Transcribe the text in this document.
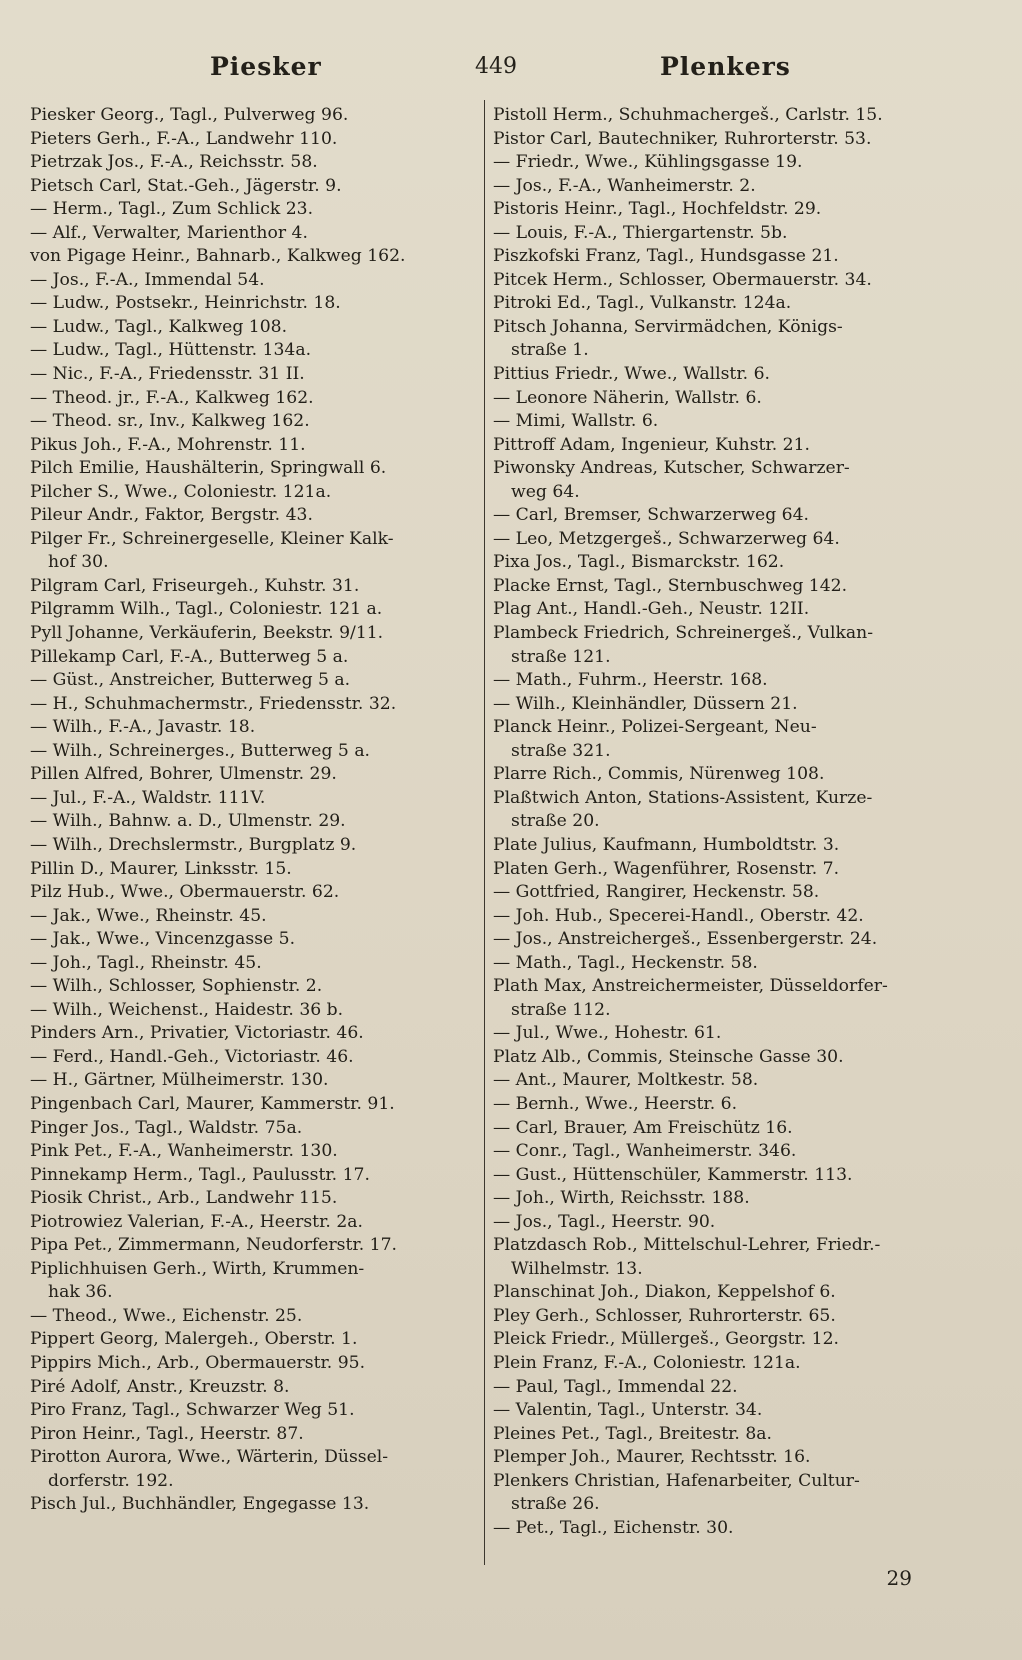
Piesker	449	Plenkers
Piesker Georg., Tagl., Pulverweg 96.
Pieters Gerh., F.-A., Landwehr 110.
Pietrzak Jos., F.-A., Reichsstr. 58.
Pietsch Carl, Stat.-Geh., Jägerstr. 9.
— Herm., Tagl., Zum Schlick 23.
— Alf., Verwalter, Marienthor 4.
von Pigage Heinr., Bahnarb., Kalkweg 162.
— Jos., F.-A., Immendal 54.
— Ludw., Postsekr., Heinrichstr. 18.
— Ludw., Tagl., Kalkweg 108.
— Ludw., Tagl., Hüttenstr. 134a.
— Nic., F.-A., Friedensstr. 31 II.
— Theod. jr., F.-A., Kalkweg 162.
— Theod. sr., Inv., Kalkweg 162.
Pikus Joh., F.-A., Mohrenstr. 11.
Pilch Emilie, Haushälterin, Springwall 6.
Pilcher S., Wwe., Coloniestr. 121a.
Pileur Andr., Faktor, Bergstr. 43.
Pilger Fr., Schreinergeselle, Kleiner Kalk-
hof 30.
Pilgram Carl, Friseurgeh., Kuhstr. 31.
Pilgramm Wilh., Tagl., Coloniestr. 121 a.
Pyll Johanne, Verkäuferin, Beekstr. 9/11.
Pillekamp Carl, F.-A., Butterweg 5 a.
— Güst., Anstreicher, Butterweg 5 a.
— H., Schuhmachermstr., Friedensstr. 32.
— Wilh., F.-A., Javastr. 18.
— Wilh., Schreinerges., Butterweg 5 a.
Pillen Alfred, Bohrer, Ulmenstr. 29.
— Jul., F.-A., Waldstr. 111V.
— Wilh., Bahnw. a. D., Ulmenstr. 29.
— Wilh., Drechslermstr., Burgplatz 9.
Pillin D., Maurer, Linksstr. 15.
Pilz Hub., Wwe., Obermauerstr. 62.
— Jak., Wwe., Rheinstr. 45.
— Jak., Wwe., Vincenzgasse 5.
— Joh., Tagl., Rheinstr. 45.
— Wilh., Schlosser, Sophienstr. 2.
— Wilh., Weichenst., Haidestr. 36 b.
Pinders Arn., Privatier, Victoriastr. 46.
— Ferd., Handl.-Geh., Victoriastr. 46.
— H., Gärtner, Mülheimerstr. 130.
Pingenbach Carl, Maurer, Kammerstr. 91.
Pinger Jos., Tagl., Waldstr. 75a.
Pink Pet., F.-A., Wanheimerstr. 130.
Pinnekamp Herm., Tagl., Paulusstr. 17.
Piosik Christ., Arb., Landwehr 115.
Piotrowiez Valerian, F.-A., Heerstr. 2a.
Pipa Pet., Zimmermann, Neudorferstr. 17.
Piplichhuisen Gerh., Wirth, Krummen-
hak 36.
— Theod., Wwe., Eichenstr. 25.
Pippert Georg, Malergeh., Oberstr. 1.
Pippirs Mich., Arb., Obermauerstr. 95.
Piré Adolf, Anstr., Kreuzstr. 8.
Piro Franz, Tagl., Schwarzer Weg 51.
Piron Heinr., Tagl., Heerstr. 87.
Pirotton Aurora, Wwe., Wärterin, Düssel-
dorferstr. 192.
Pisch Jul., Buchhändler, Engegasse 13.
Pistoll Herm., Schuhmachergeš., Carlstr. 15.
Pistor Carl, Bautechniker, Ruhrorterstr. 53.
— Friedr., Wwe., Kühlingsgasse 19.
— Jos., F.-A., Wanheimerstr. 2.
Pistoris Heinr., Tagl., Hochfeldstr. 29.
— Louis, F.-A., Thiergartenstr. 5b.
Piszkofski Franz, Tagl., Hundsgasse 21.
Pitcek Herm., Schlosser, Obermauerstr. 34.
Pitroki Ed., Tagl., Vulkanstr. 124a.
Pitsch Johanna, Servirmädchen, Königs-
straße 1.
Pittius Friedr., Wwe., Wallstr. 6.
— Leonore Näherin, Wallstr. 6.
— Mimi, Wallstr. 6.
Pittroff Adam, Ingenieur, Kuhstr. 21.
Piwonsky Andreas, Kutscher, Schwarzer-
weg 64.
— Carl, Bremser, Schwarzerweg 64.
— Leo, Metzgergeš., Schwarzerweg 64.
Pixa Jos., Tagl., Bismarckstr. 162.
Placke Ernst, Tagl., Sternbuschweg 142.
Plag Ant., Handl.-Geh., Neustr. 12II.
Plambeck Friedrich, Schreinergeš., Vulkan-
straße 121.
— Math., Fuhrm., Heerstr. 168.
— Wilh., Kleinhändler, Düssern 21.
Planck Heinr., Polizei-Sergeant, Neu-
straße 321.
Plarre Rich., Commis, Nürenweg 108.
Plaßtwich Anton, Stations-Assistent, Kurze-
straße 20.
Plate Julius, Kaufmann, Humboldtstr. 3.
Platen Gerh., Wagenführer, Rosenstr. 7.
— Gottfried, Rangirer, Heckenstr. 58.
— Joh. Hub., Specerei-Handl., Oberstr. 42.
— Jos., Anstreichergeš., Essenbergerstr. 24.
— Math., Tagl., Heckenstr. 58.
Plath Max, Anstreichermeister, Düsseldorfer-
straße 112.
— Jul., Wwe., Hohestr. 61.
Platz Alb., Commis, Steinsche Gasse 30.
— Ant., Maurer, Moltkestr. 58.
— Bernh., Wwe., Heerstr. 6.
— Carl, Brauer, Am Freischütz 16.
— Conr., Tagl., Wanheimerstr. 346.
— Gust., Hüttenschüler, Kammerstr. 113.
— Joh., Wirth, Reichsstr. 188.
— Jos., Tagl., Heerstr. 90.
Platzdasch Rob., Mittelschul-Lehrer, Friedr.-
Wilhelmstr. 13.
Planschinat Joh., Diakon, Keppelshof 6.
Pley Gerh., Schlosser, Ruhrorterstr. 65.
Pleick Friedr., Müllergeš., Georgstr. 12.
Plein Franz, F.-A., Coloniestr. 121a.
— Paul, Tagl., Immendal 22.
— Valentin, Tagl., Unterstr. 34.
Pleines Pet., Tagl., Breitestr. 8a.
Plemper Joh., Maurer, Rechtsstr. 16.
Plenkers Christian, Hafenarbeiter, Cultur-
straße 26.
— Pet., Tagl., Eichenstr. 30.
29
